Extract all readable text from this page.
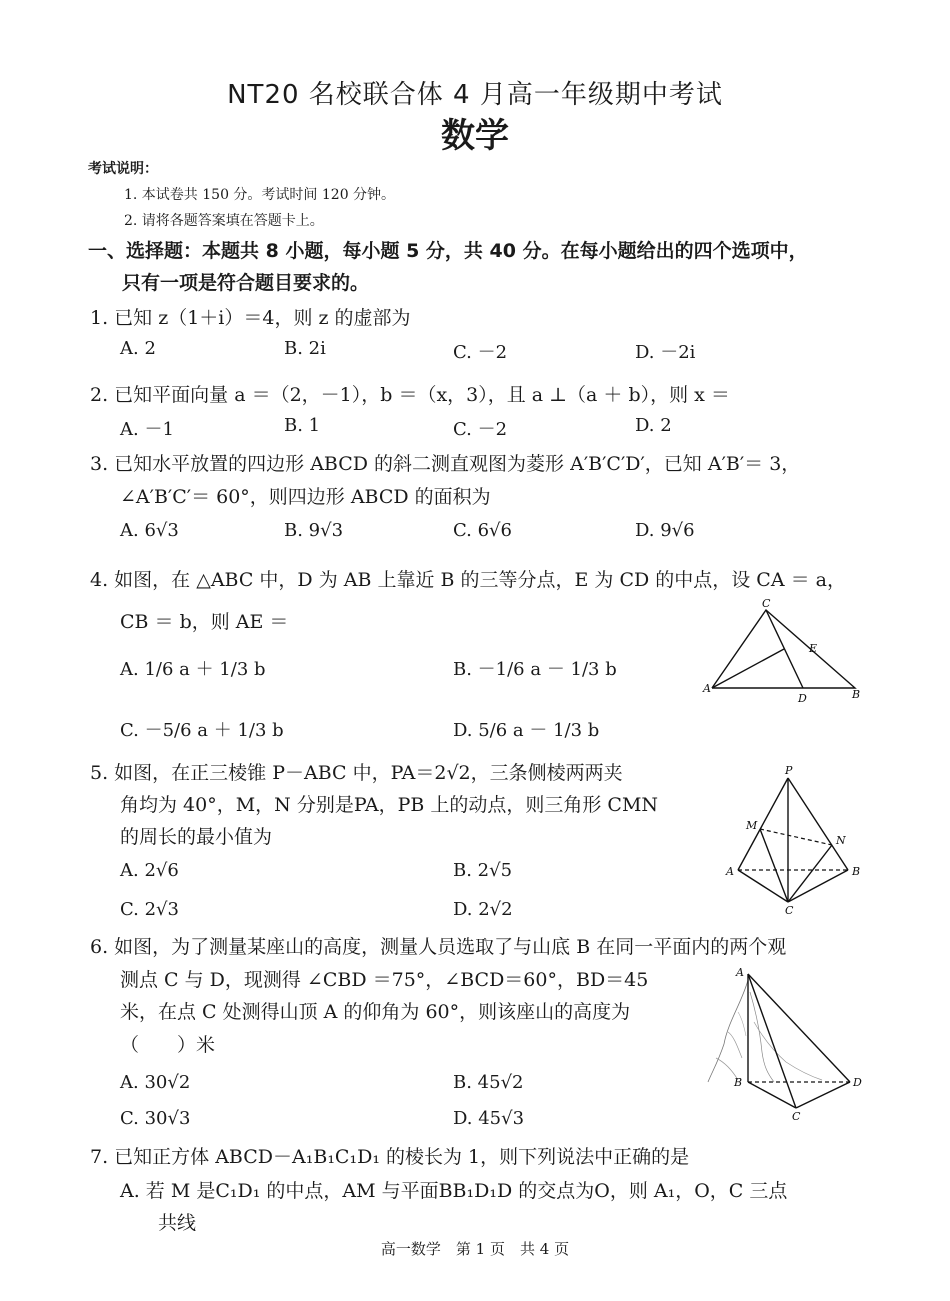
NT20 名校联合体 4 月高一年级期中考试
数学
考试说明：
1. 本试卷共 150 分。考试时间 120 分钟。
2. 请将各题答案填在答题卡上。
一、选择题：本题共 8 小题，每小题 5 分，共 40 分。在每小题给出的四个选项中，
只有一项是符合题目要求的。
1. 已知 z（1＋i）＝4，则 z 的虚部为
A. 2	B. 2i	C. －2	D. －2i
2. 已知平面向量 a ＝（2，－1），b ＝（x，3），且 a ⊥（a ＋ b），则 x ＝
A. －1	B. 1	C. －2	D. 2
3. 已知水平放置的四边形 ABCD 的斜二测直观图为菱形 A′B′C′D′，已知 A′B′＝ 3，
∠A′B′C′＝ 60°，则四边形 ABCD 的面积为
A. 6√3	B. 9√3	C. 6√6	D. 9√6
4. 如图，在 △ABC 中，D 为 AB 上靠近 B 的三等分点，E 为 CD 的中点，设 CA ＝ a，
CB ＝ b，则 AE ＝
A. 1/6 a ＋ 1/3 b	B. －1/6 a － 1/3 b
C. －5/6 a ＋ 1/3 b	D. 5/6 a － 1/3 b
C
E
A
D	B
5. 如图，在正三棱锥 P－ABC 中，PA＝2√2，三条侧棱两两夹
角均为 40°，M，N 分别是PA，PB 上的动点，则三角形 CMN
的周长的最小值为
A. 2√6	B. 2√5
C. 2√3	D. 2√2
P
M
N
A	B
C
6. 如图，为了测量某座山的高度，测量人员选取了与山底 B 在同一平面内的两个观
测点 C 与 D，现测得 ∠CBD ＝75°，∠BCD＝60°，BD＝45
米，在点 C 处测得山顶 A 的仰角为 60°，则该座山的高度为
（　　）米
A. 30√2	B. 45√2
C. 30√3	D. 45√3
A
B
C
D
7. 已知正方体 ABCD－A₁B₁C₁D₁ 的棱长为 1，则下列说法中正确的是
A. 若 M 是C₁D₁ 的中点，AM 与平面BB₁D₁D 的交点为O，则 A₁，O，C 三点
共线
高一数学　第 1 页　共 4 页
